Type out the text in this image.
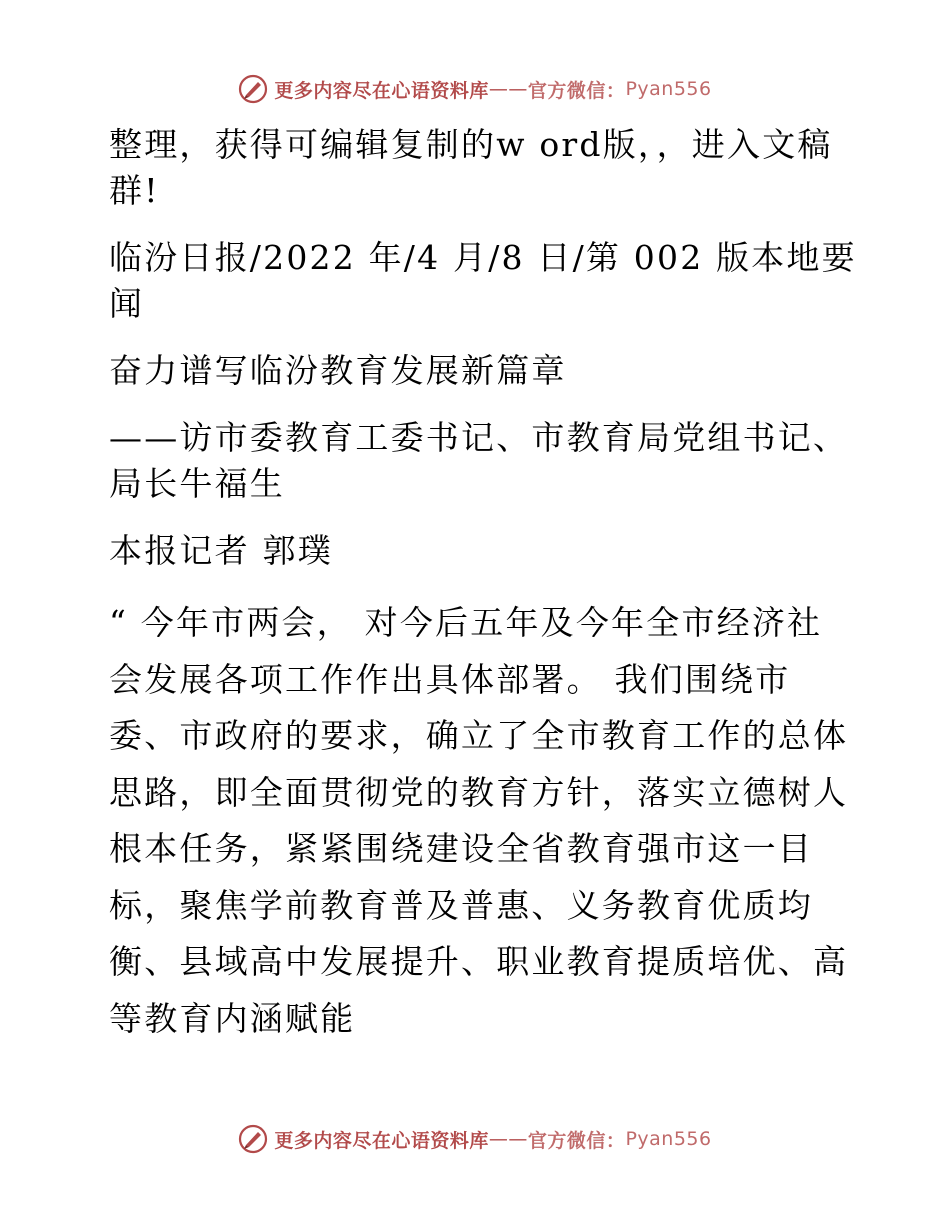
更多内容尽在心语资料库 —— 官方微信： Pyan556

整理，获得可编辑复制的w ord版，，进入文稿群!

临汾日报/2022 年/4 月/8 日/第 002 版本地要闻

奋力谱写临汾教育发展新篇章

——访市委教育工委书记、市教育局党组书记、局长牛福生

本报记者 郭璞

“ 今年市两会， 对今后五年及今年全市经济社会发展各项工作作出具体部署。 我们围绕市委、市政府的要求，确立了全市教育工作的总体思路，即全面贯彻党的教育方针，落实立德树人根本任务，紧紧围绕建设全省教育强市这一目标，聚焦学前教育普及普惠、义务教育优质均衡、县域高中发展提升、职业教育提质培优、高等教育内涵赋能

更多内容尽在心语资料库 —— 官方微信： Pyan556
